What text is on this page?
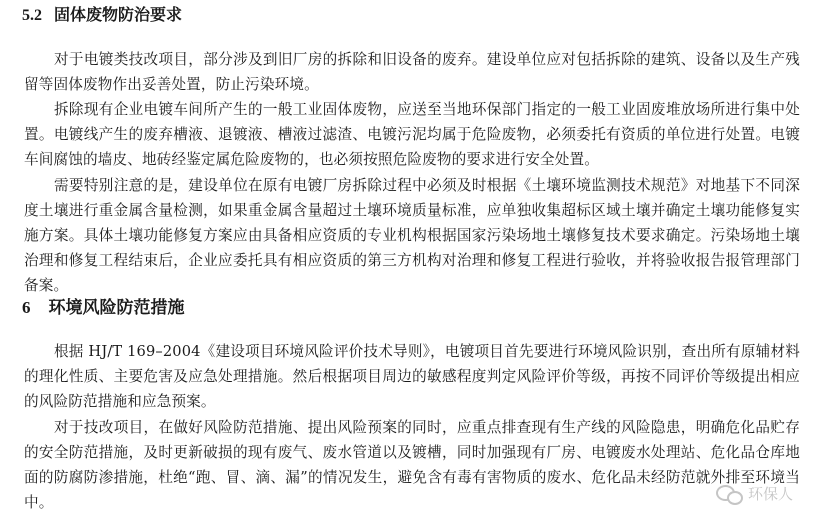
5.2 固体废物防治要求

对于电镀类技改项目，部分涉及到旧厂房的拆除和旧设备的废弃。建设单位应对包括拆除的建筑、设备以及生产残留等固体废物作出妥善处置，防止污染环境。

拆除现有企业电镀车间所产生的一般工业固体废物，应送至当地环保部门指定的一般工业固废堆放场所进行集中处置。电镀线产生的废弃槽液、退镀液、槽液过滤渣、电镀污泥均属于危险废物，必须委托有资质的单位进行处置。电镀车间腐蚀的墙皮、地砖经鉴定属危险废物的，也必须按照危险废物的要求进行安全处置。

需要特别注意的是，建设单位在原有电镀厂房拆除过程中必须及时根据《土壤环境监测技术规范》对地基下不同深度土壤进行重金属含量检测，如果重金属含量超过土壤环境质量标准，应单独收集超标区域土壤并确定土壤功能修复实施方案。具体土壤功能修复方案应由具备相应资质的专业机构根据国家污染场地土壤修复技术要求确定。污染场地土壤治理和修复工程结束后，企业应委托具有相应资质的第三方机构对治理和修复工程进行验收，并将验收报告报管理部门备案。

6 环境风险防范措施

根据 HJ/T 169–2004《建设项目环境风险评价技术导则》，电镀项目首先要进行环境风险识别，查出所有原辅材料的理化性质、主要危害及应急处理措施。然后根据项目周边的敏感程度判定风险评价等级，再按不同评价等级提出相应的风险防范措施和应急预案。

对于技改项目，在做好风险防范措施、提出风险预案的同时，应重点排查现有生产线的风险隐患，明确危化品贮存的安全防范措施，及时更新破损的现有废气、废水管道以及镀槽，同时加强现有厂房、电镀废水处理站、危化品仓库地面的防腐防渗措施，杜绝“跑、冒、滴、漏”的情况发生，避免含有毒有害物质的废水、危化品未经防范就外排至环境当中。	环保人
